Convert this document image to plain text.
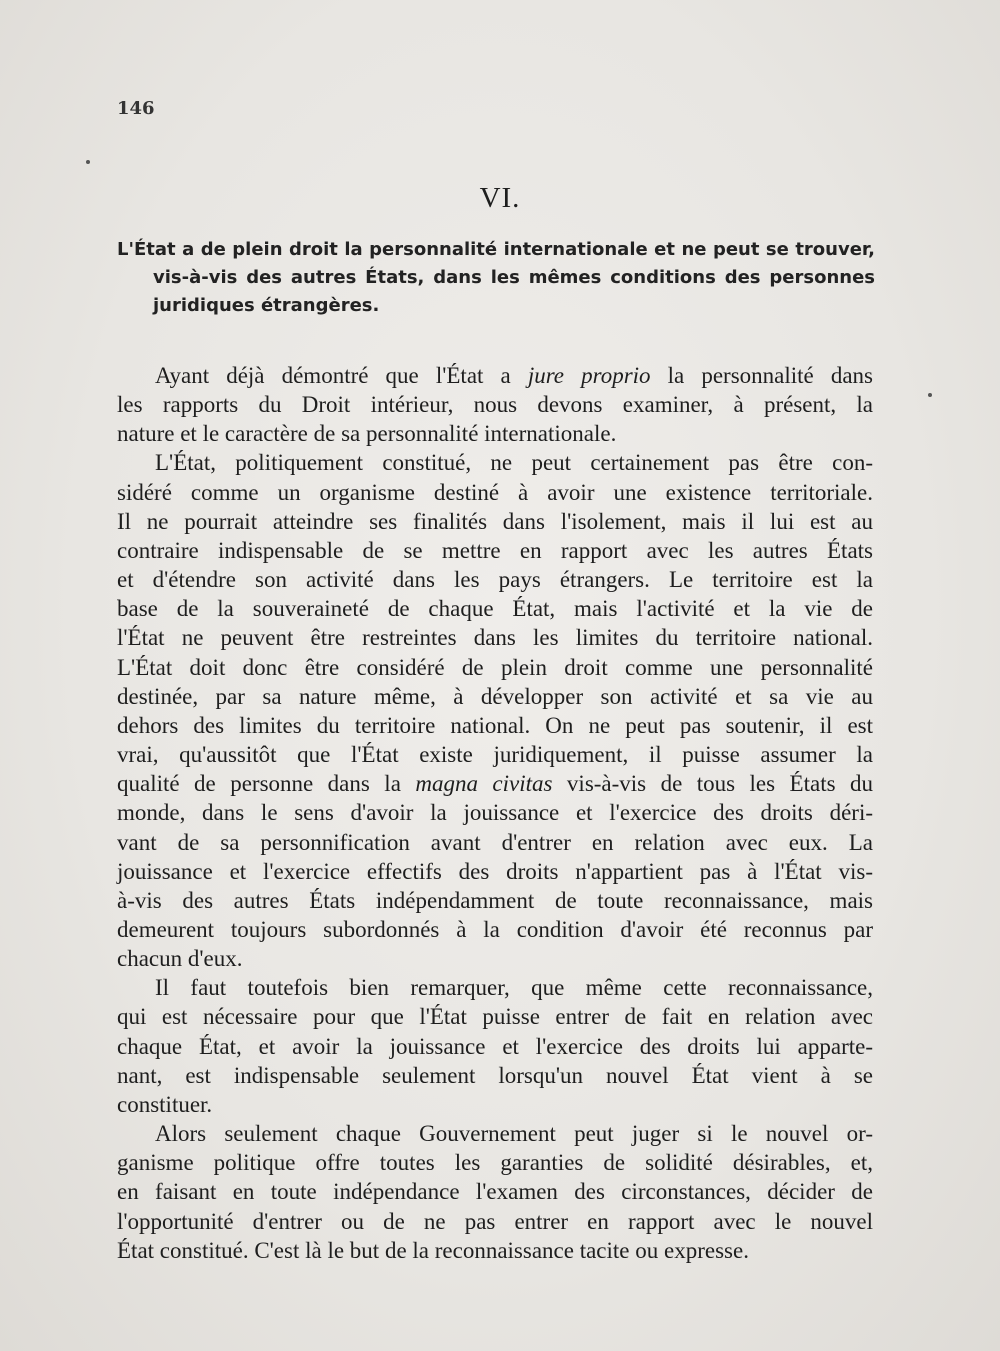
146
VI.
L'État a de plein droit la personnalité internationale et ne peut se trouver,
vis-à-vis des autres États, dans les mêmes conditions des personnes
juridiques étrangères.
Ayant déjà démontré que l'État a jure proprio la personnalité dans
les rapports du Droit intérieur, nous devons examiner, à présent, la
nature et le caractère de sa personnalité internationale.
L'État, politiquement constitué, ne peut certainement pas être con-
sidéré comme un organisme destiné à avoir une existence territoriale.
Il ne pourrait atteindre ses finalités dans l'isolement, mais il lui est au
contraire indispensable de se mettre en rapport avec les autres États
et d'étendre son activité dans les pays étrangers. Le territoire est la
base de la souveraineté de chaque État, mais l'activité et la vie de
l'État ne peuvent être restreintes dans les limites du territoire national.
L'État doit donc être considéré de plein droit comme une personnalité
destinée, par sa nature même, à développer son activité et sa vie au
dehors des limites du territoire national. On ne peut pas soutenir, il est
vrai, qu'aussitôt que l'État existe juridiquement, il puisse assumer la
qualité de personne dans la magna civitas vis-à-vis de tous les États du
monde, dans le sens d'avoir la jouissance et l'exercice des droits déri-
vant de sa personnification avant d'entrer en relation avec eux. La
jouissance et l'exercice effectifs des droits n'appartient pas à l'État vis-
à-vis des autres États indépendamment de toute reconnaissance, mais
demeurent toujours subordonnés à la condition d'avoir été reconnus par
chacun d'eux.
Il faut toutefois bien remarquer, que même cette reconnaissance,
qui est nécessaire pour que l'État puisse entrer de fait en relation avec
chaque État, et avoir la jouissance et l'exercice des droits lui apparte-
nant, est indispensable seulement lorsqu'un nouvel État vient à se
constituer.
Alors seulement chaque Gouvernement peut juger si le nouvel or-
ganisme politique offre toutes les garanties de solidité désirables, et,
en faisant en toute indépendance l'examen des circonstances, décider de
l'opportunité d'entrer ou de ne pas entrer en rapport avec le nouvel
État constitué. C'est là le but de la reconnaissance tacite ou expresse.
